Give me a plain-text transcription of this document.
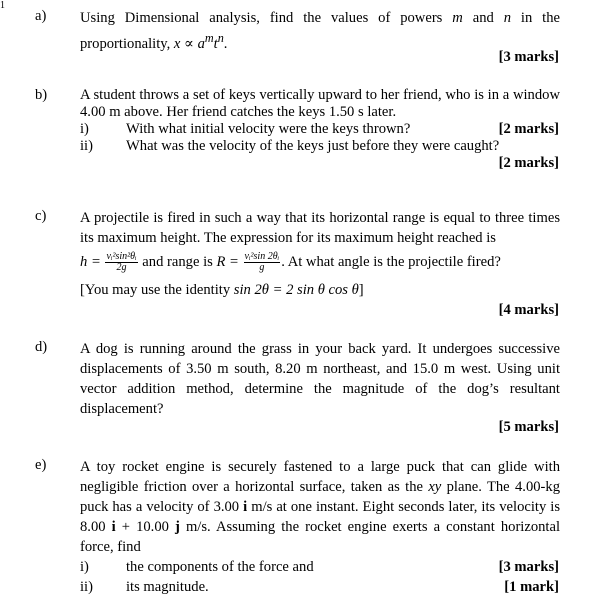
1
a) Using Dimensional analysis, find the values of powers m and n in the proportionality, $x \propto a^mt^n$.
[3 marks]
b) A student throws a set of keys vertically upward to her friend, who is in a window 4.00 m above. Her friend catches the keys 1.50 s later.
i)	With what initial velocity were the keys thrown?	[2 marks]
ii) What was the velocity of the keys just before they were caught?
[2 marks]
c) A projectile is fired in such a way that its horizontal range is equal to three times its maximum height. The expression for its maximum height reached is
$h = \frac{\text{vᵢ²sin²θᵢ}}{2g}$ and range is $R = \frac{\text{vᵢ²sin 2θᵢ}}{g}$ . At what angle is the projectile fired?
[You may use the identity sin 2θ = 2 sin θ cos θ]
[4 marks]
d) A dog is running around the grass in your back yard. It undergoes successive displacements of 3.50 m south, 8.20 m northeast, and 15.0 m west. Using unit vector addition method, determine the magnitude of the dog’s resultant displacement?
[5 marks]
e) A toy rocket engine is securely fastened to a large puck that can glide with negligible friction over a horizontal surface, taken as the xy plane. The 4.00-kg puck has a velocity of 3.00 i m/s at one instant. Eight seconds later, its velocity is 8.00 i + 10.00 j m/s. Assuming the rocket engine exerts a constant horizontal force, find
i)	the components of the force and	[3 marks]
ii) its magnitude.	[1 mark]
